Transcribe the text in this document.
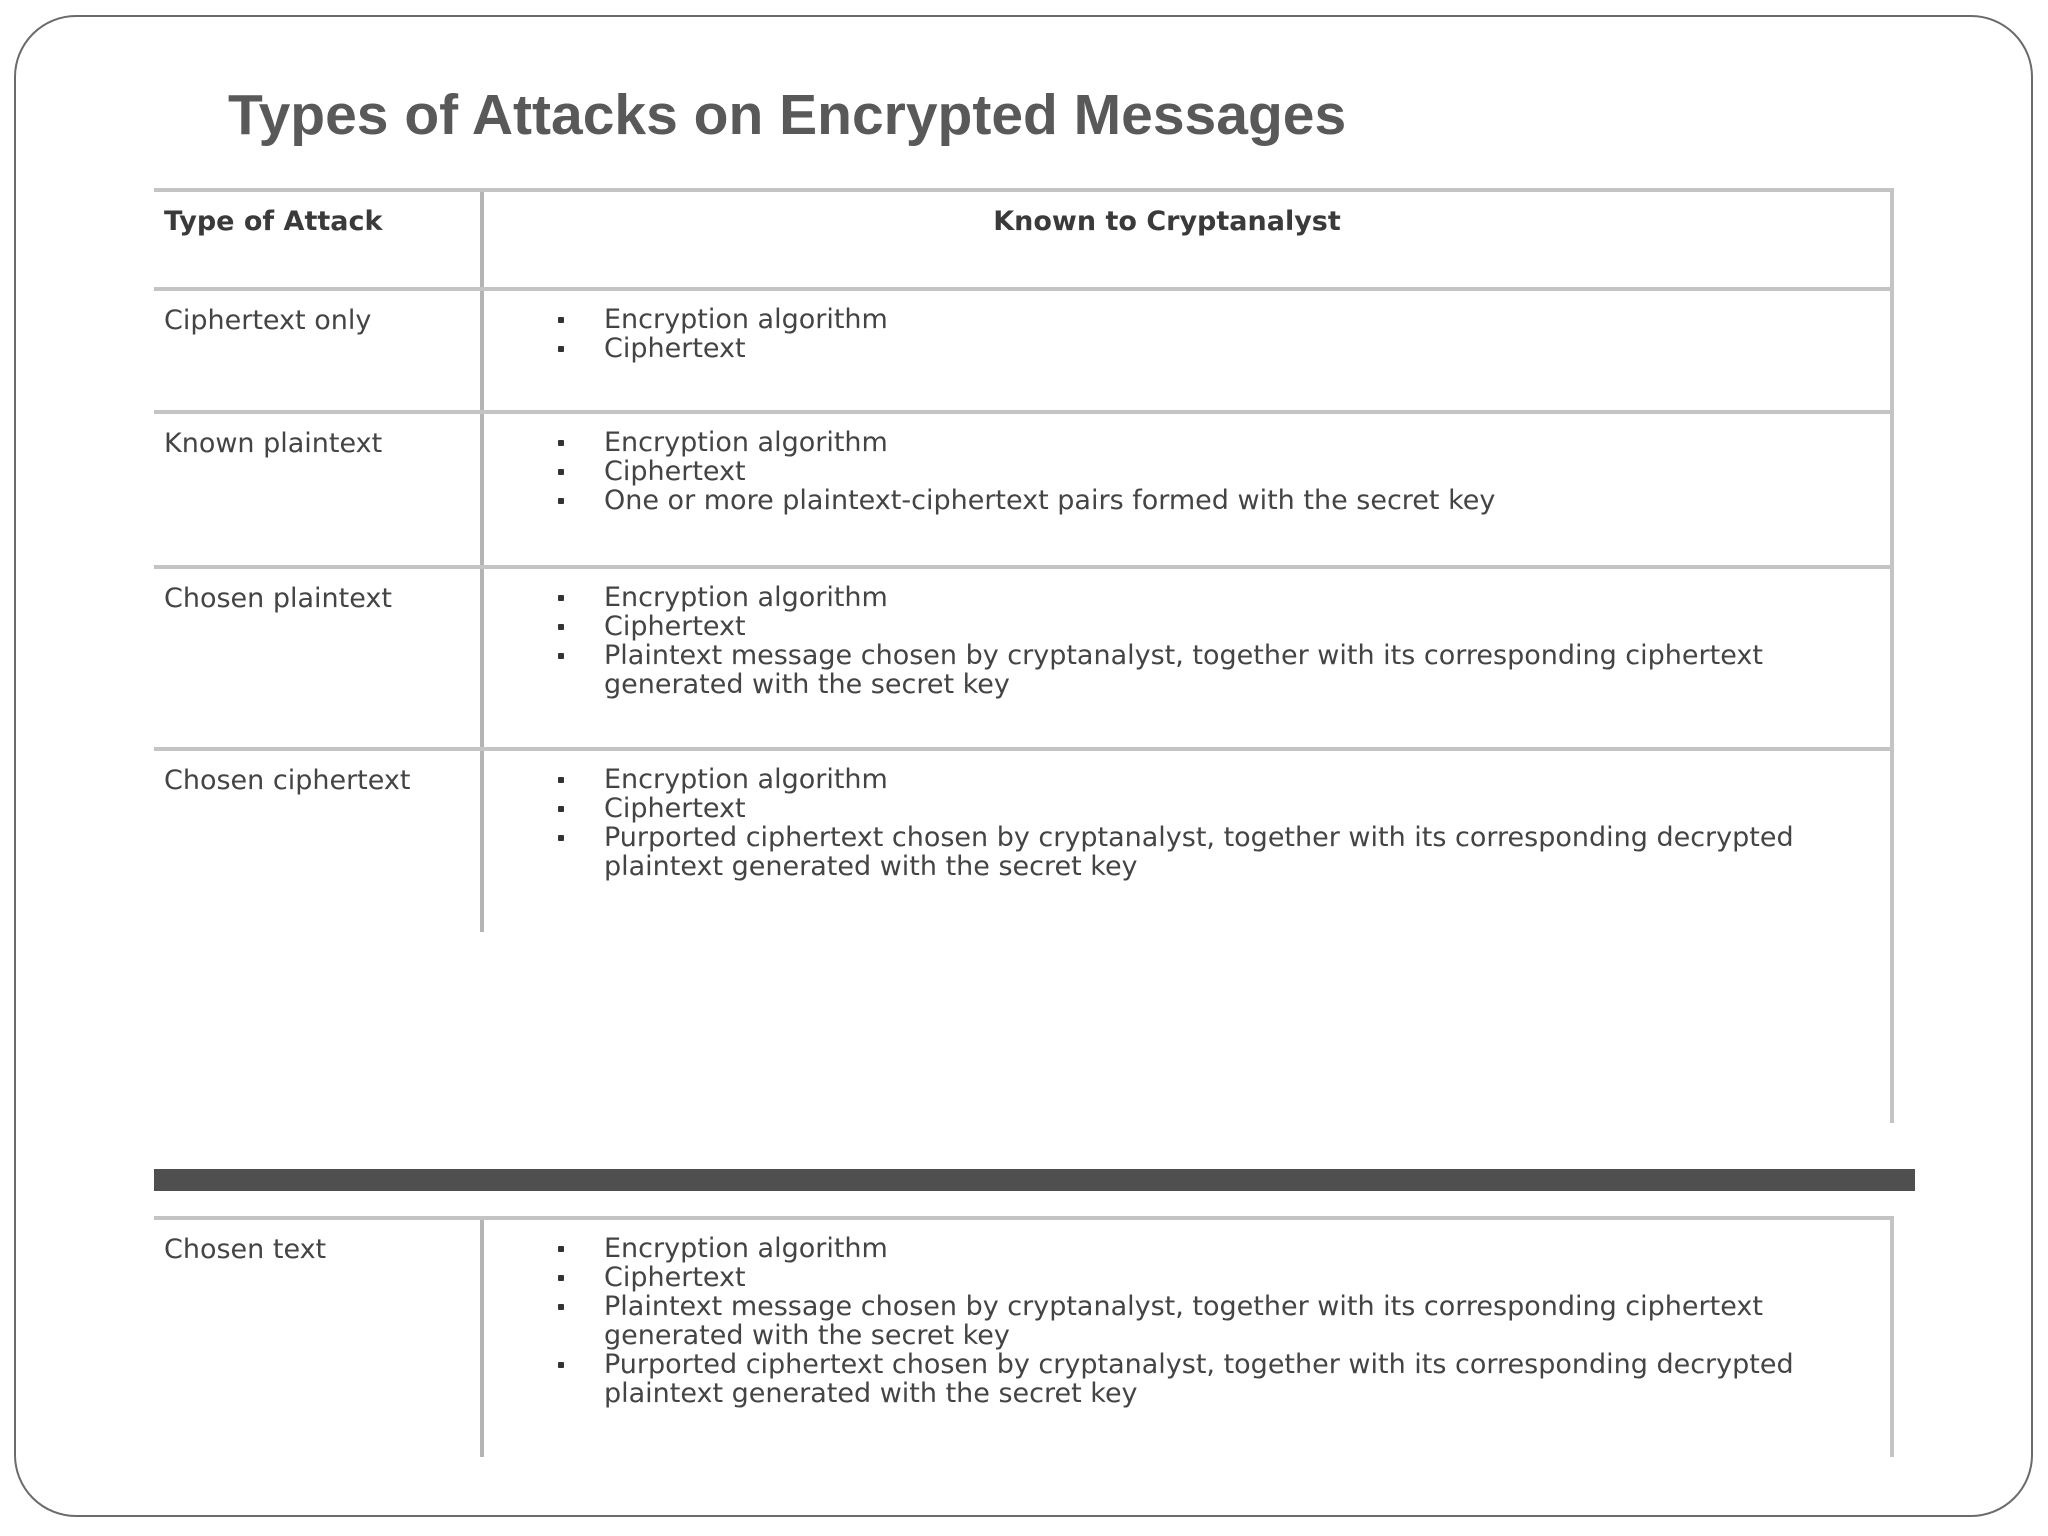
Types of Attacks on Encrypted Messages
Type of Attack	Known to Cryptanalyst
Ciphertext only	Encryption algorithm
Ciphertext
Known plaintext	Encryption algorithm
Ciphertext
One or more plaintext-ciphertext pairs formed with the secret key
Chosen plaintext	Encryption algorithm
Ciphertext
Plaintext message chosen by cryptanalyst, together with its corresponding ciphertext generated with the secret key
Chosen ciphertext	Encryption algorithm
Ciphertext
Purported ciphertext chosen by cryptanalyst, together with its corresponding decrypted plaintext generated with the secret key
Chosen text	Encryption algorithm
Ciphertext
Plaintext message chosen by cryptanalyst, together with its corresponding ciphertext generated with the secret key
Purported ciphertext chosen by cryptanalyst, together with its corresponding decrypted plaintext generated with the secret key
